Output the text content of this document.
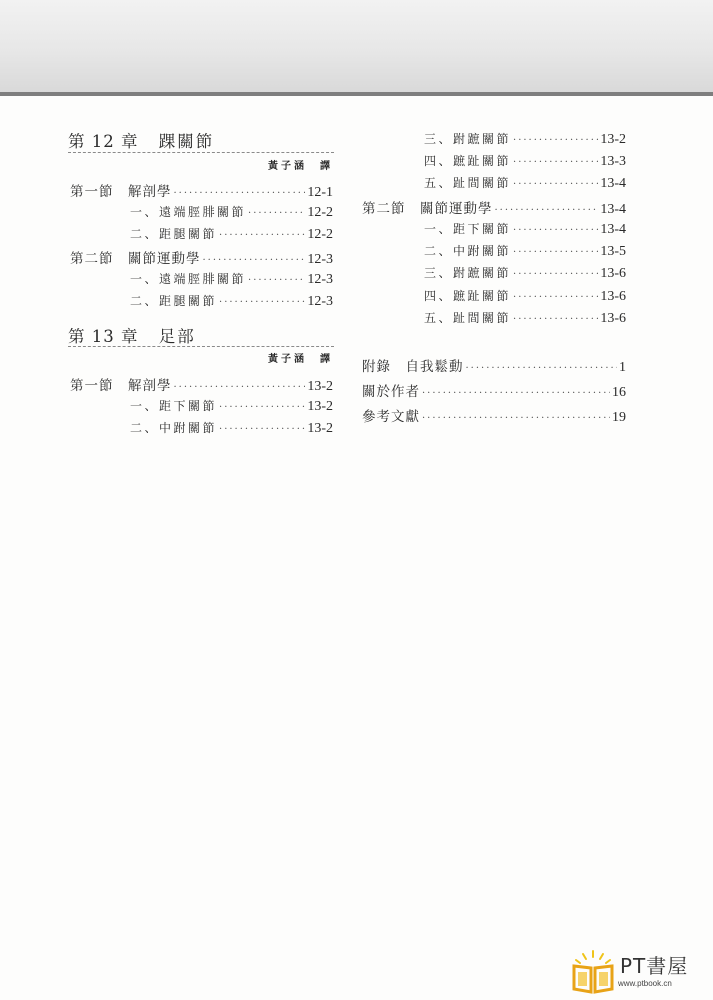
第 12 章 踝關節
黃子涵　譯
第一節　解剖學 ·····	12-1
一、遠端脛腓關節 ·····	12-2
二、距腿關節 ·····	12-2
第二節　關節運動學 ·····	12-3
一、遠端脛腓關節 ·····	12-3
二、距腿關節 ·····	12-3
第 13 章 足部
黃子涵　譯
第一節　解剖學 ·····	13-2
一、距下關節 ·····	13-2
二、中跗關節 ·····	13-2
三、跗蹠關節 ·····	13-2
四、蹠趾關節 ·····	13-3
五、趾間關節 ·····	13-4
第二節　關節運動學 ·····	13-4
一、距下關節 ·····	13-4
二、中跗關節 ·····	13-5
三、跗蹠關節 ·····	13-6
四、蹠趾關節 ·····	13-6
五、趾間關節 ·····	13-6
附錄　自我鬆動 ·····	1
關於作者 ·····	16
參考文獻 ·····	19
PT書屋
www.ptbook.cn
